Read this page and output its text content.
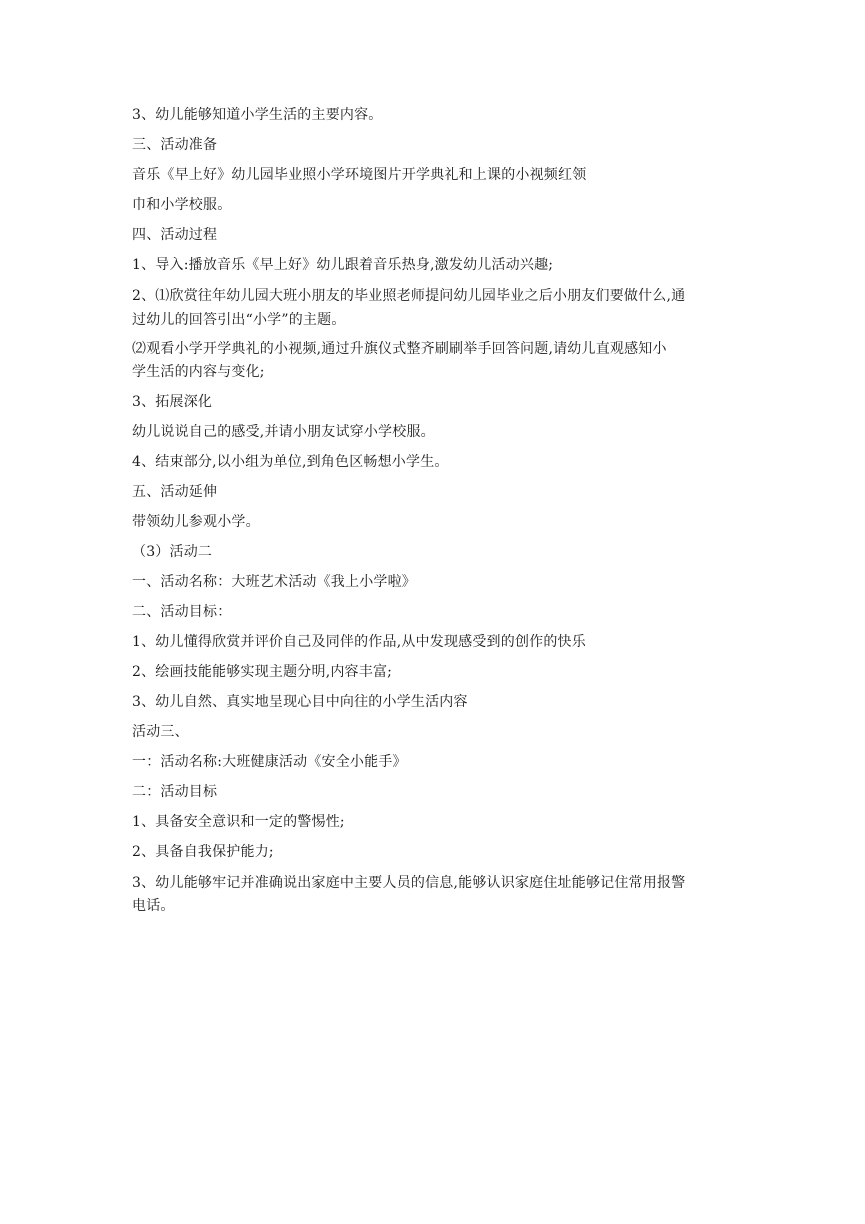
3、幼儿能够知道小学生活的主要内容。
三、活动准备
音乐《早上好》幼儿园毕业照小学环境图片开学典礼和上课的小视频红领
巾和小学校服。
四、活动过程
1、导入:播放音乐《早上好》幼儿跟着音乐热身,激发幼儿活动兴趣;
2、⑴欣赏往年幼儿园大班小朋友的毕业照老师提问幼儿园毕业之后小朋友们要做什么,通
过幼儿的回答引出“小学”的主题。
⑵观看小学开学典礼的小视频,通过升旗仪式整齐刷刷举手回答问题,请幼儿直观感知小
学生活的内容与变化;
3、拓展深化
幼儿说说自己的感受,并请小朋友试穿小学校服。
4、结束部分,以小组为单位,到角色区畅想小学生。
五、活动延伸
带领幼儿参观小学。
（3）活动二
一、活动名称：大班艺术活动《我上小学啦》
二、活动目标：
1、幼儿懂得欣赏并评价自己及同伴的作品,从中发现感受到的创作的快乐
2、绘画技能能够实现主题分明,内容丰富;
3、幼儿自然、真实地呈现心目中向往的小学生活内容
活动三、
一：活动名称:大班健康活动《安全小能手》
二：活动目标
1、具备安全意识和一定的警惕性;
2、具备自我保护能力;
3、幼儿能够牢记并准确说出家庭中主要人员的信息,能够认识家庭住址能够记住常用报警
电话。
